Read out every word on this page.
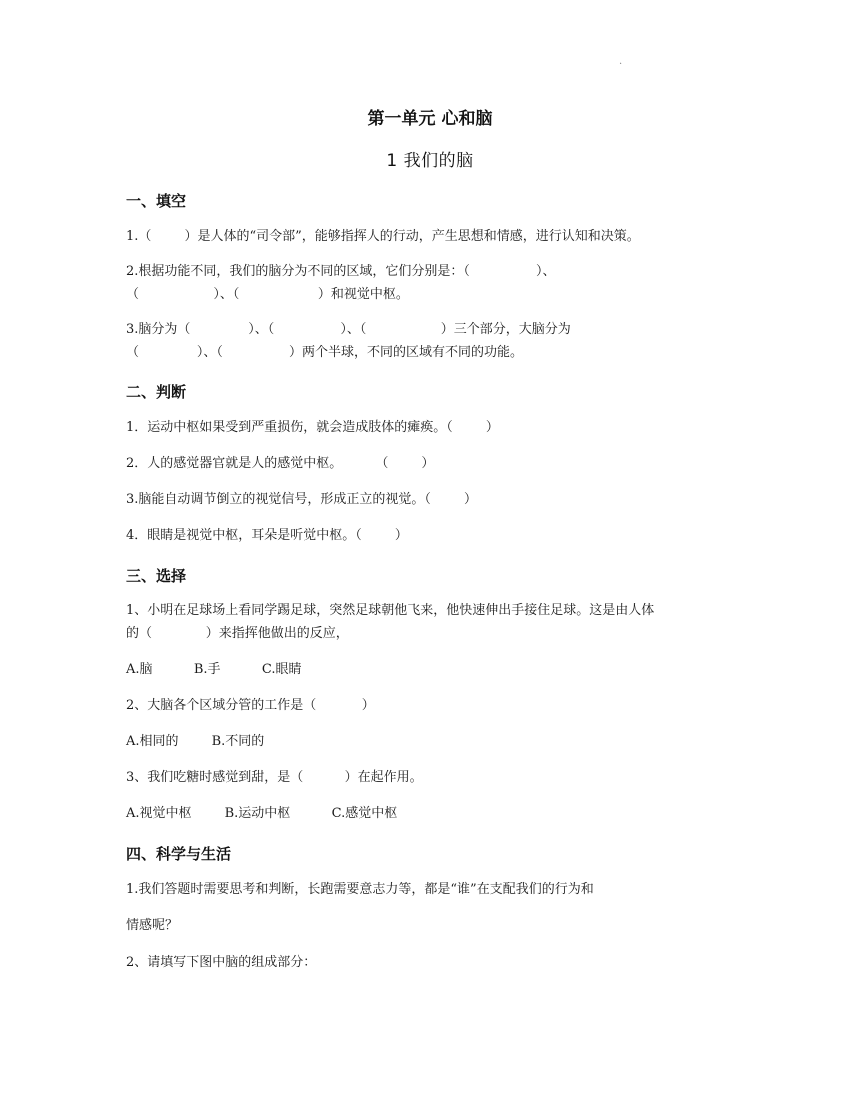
.
第一单元 心和脑
1 我们的脑
一、填空
1.（        ）是人体的“司令部”，能够指挥人的行动，产生思想和情感，进行认知和决策。
2.根据功能不同，我们的脑分为不同的区域，它们分别是：（                ）、
（                  ）、（                   ）和视觉中枢。
3.脑分为（              ）、（                ）、（                  ）三个部分，大脑分为
（              ）、（                ）两个半球，不同的区域有不同的功能。
二、判断
1．运动中枢如果受到严重损伤，就会造成肢体的瘫痪。（        ）
2．人的感觉器官就是人的感觉中枢。        （        ）
3.脑能自动调节倒立的视觉信号，形成正立的视觉。（        ）
4．眼睛是视觉中枢，耳朵是听觉中枢。（        ）
三、选择
1、小明在足球场上看同学踢足球，突然足球朝他飞来，他快速伸出手接住足球。这是由人体
的（             ）来指挥他做出的反应，
A.脑          B.手          C.眼睛
2、大脑各个区域分管的工作是（           ）
A.相同的        B.不同的
3、我们吃糖时感觉到甜，是（          ）在起作用。
A.视觉中枢        B.运动中枢          C.感觉中枢
四、科学与生活
1.我们答题时需要思考和判断，长跑需要意志力等，都是“谁”在支配我们的行为和
情感呢？
2、请填写下图中脑的组成部分：
